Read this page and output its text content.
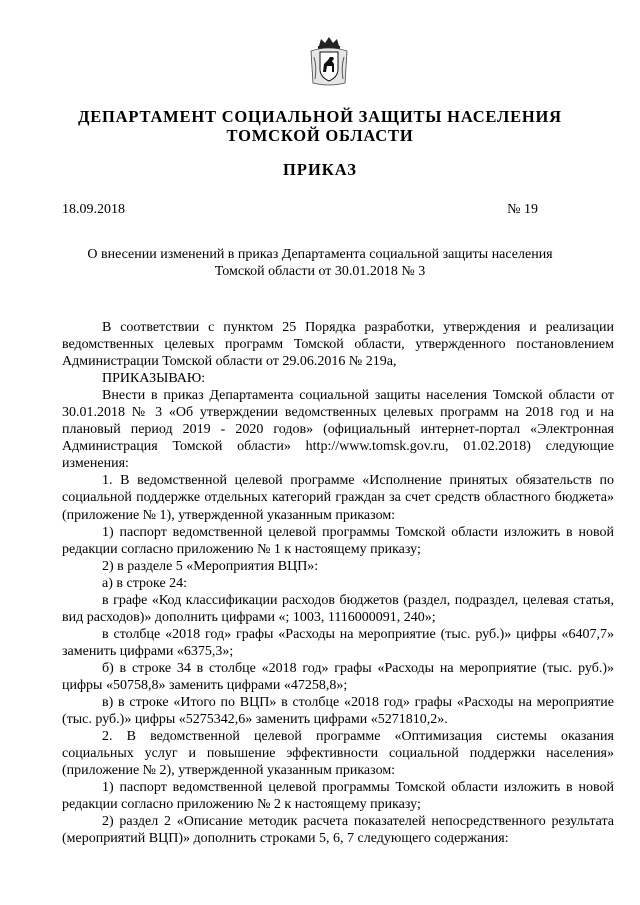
ДЕПАРТАМЕНТ СОЦИАЛЬНОЙ ЗАЩИТЫ НАСЕЛЕНИЯ
ТОМСКОЙ ОБЛАСТИ
ПРИКАЗ
18.09.2018	№ 19
О внесении изменений в приказ Департамента социальной защиты населения
Томской области от 30.01.2018 № 3

В соответствии с пунктом 25 Порядка разработки, утверждения и реализации ведомственных целевых программ Томской области, утвержденного постановлением Администрации Томской области от 29.06.2016 № 219а,

ПРИКАЗЫВАЮ:

Внести в приказ Департамента социальной защиты населения Томской области от 30.01.2018 № 3 «Об утверждении ведомственных целевых программ на 2018 год и на плановый период 2019 - 2020 годов» (официальный интернет-портал «Электронная Администрация Томской области» http://www.tomsk.gov.ru, 01.02.2018) следующие изменения:

1. В ведомственной целевой программе «Исполнение принятых обязательств по социальной поддержке отдельных категорий граждан за счет средств областного бюджета» (приложение № 1), утвержденной указанным приказом:

1) паспорт ведомственной целевой программы Томской области изложить в новой редакции согласно приложению № 1 к настоящему приказу;

2) в разделе 5 «Мероприятия ВЦП»:

а) в строке 24:

в графе «Код классификации расходов бюджетов (раздел, подраздел, целевая статья, вид расходов)» дополнить цифрами «; 1003, 1116000091, 240»;

в столбце «2018 год» графы «Расходы на мероприятие (тыс. руб.)» цифры «6407,7» заменить цифрами «6375,3»;

б) в строке 34 в столбце «2018 год» графы «Расходы на мероприятие (тыс. руб.)» цифры «50758,8» заменить цифрами «47258,8»;

в) в строке «Итого по ВЦП» в столбце «2018 год» графы «Расходы на мероприятие (тыс. руб.)» цифры «5275342,6» заменить цифрами «5271810,2».

2. В ведомственной целевой программе «Оптимизация системы оказания социальных услуг и повышение эффективности социальной поддержки населения» (приложение № 2), утвержденной указанным приказом:

1) паспорт ведомственной целевой программы Томской области изложить в новой редакции согласно приложению № 2 к настоящему приказу;

2) раздел 2 «Описание методик расчета показателей непосредственного результата (мероприятий ВЦП)» дополнить строками 5, 6, 7 следующего содержания:
